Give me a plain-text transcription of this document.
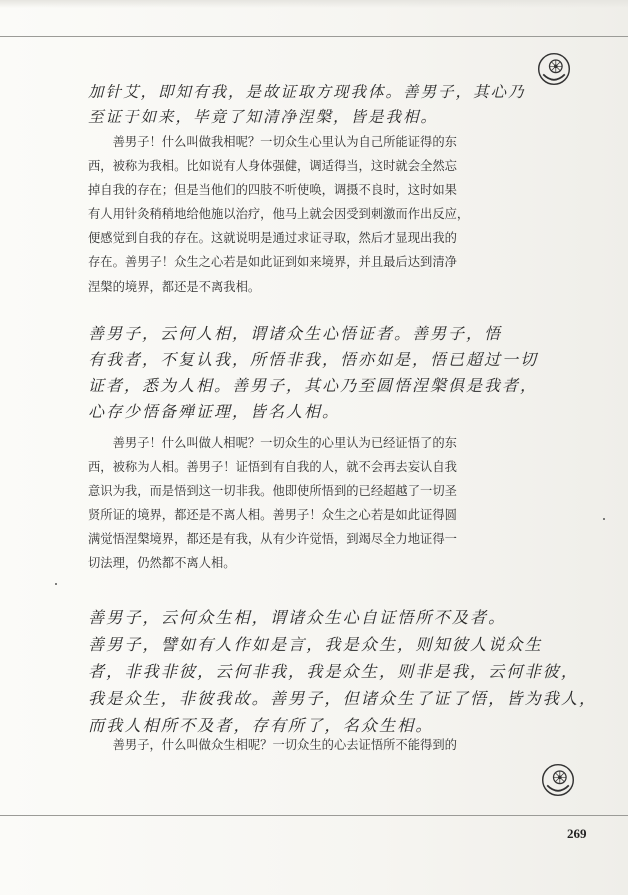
加针艾，即知有我，是故证取方现我体。善男子，其心乃
至证于如来，毕竟了知清净涅槃，皆是我相。
　　善男子！什么叫做我相呢？一切众生心里认为自己所能证得的东
西，被称为我相。比如说有人身体强健，调适得当，这时就会全然忘
掉自我的存在；但是当他们的四肢不听使唤，调摄不良时，这时如果
有人用针灸稍稍地给他施以治疗，他马上就会因受到刺激而作出反应，
便感觉到自我的存在。这就说明是通过求证寻取，然后才显现出我的
存在。善男子！众生之心若是如此证到如来境界，并且最后达到清净
涅槃的境界，都还是不离我相。
善男子，云何人相，谓诸众生心悟证者。善男子，悟
有我者，不复认我，所悟非我，悟亦如是，悟已超过一切
证者，悉为人相。善男子，其心乃至圆悟涅槃俱是我者，
心存少悟备殚证理，皆名人相。
　　善男子！什么叫做人相呢？一切众生的心里认为已经证悟了的东
西，被称为人相。善男子！证悟到有自我的人，就不会再去妄认自我
意识为我，而是悟到这一切非我。他即使所悟到的已经超越了一切圣
贤所证的境界，都还是不离人相。善男子！众生之心若是如此证得圆
满觉悟涅槃境界，都还是有我，从有少许觉悟，到竭尽全力地证得一
切法理，仍然都不离人相。
善男子，云何众生相，谓诸众生心自证悟所不及者。
善男子，譬如有人作如是言，我是众生，则知彼人说众生
者，非我非彼，云何非我，我是众生，则非是我，云何非彼，
我是众生，非彼我故。善男子，但诸众生了证了悟，皆为我人，
而我人相所不及者，存有所了，名众生相。
　　善男子，什么叫做众生相呢？一切众生的心去证悟所不能得到的
269
